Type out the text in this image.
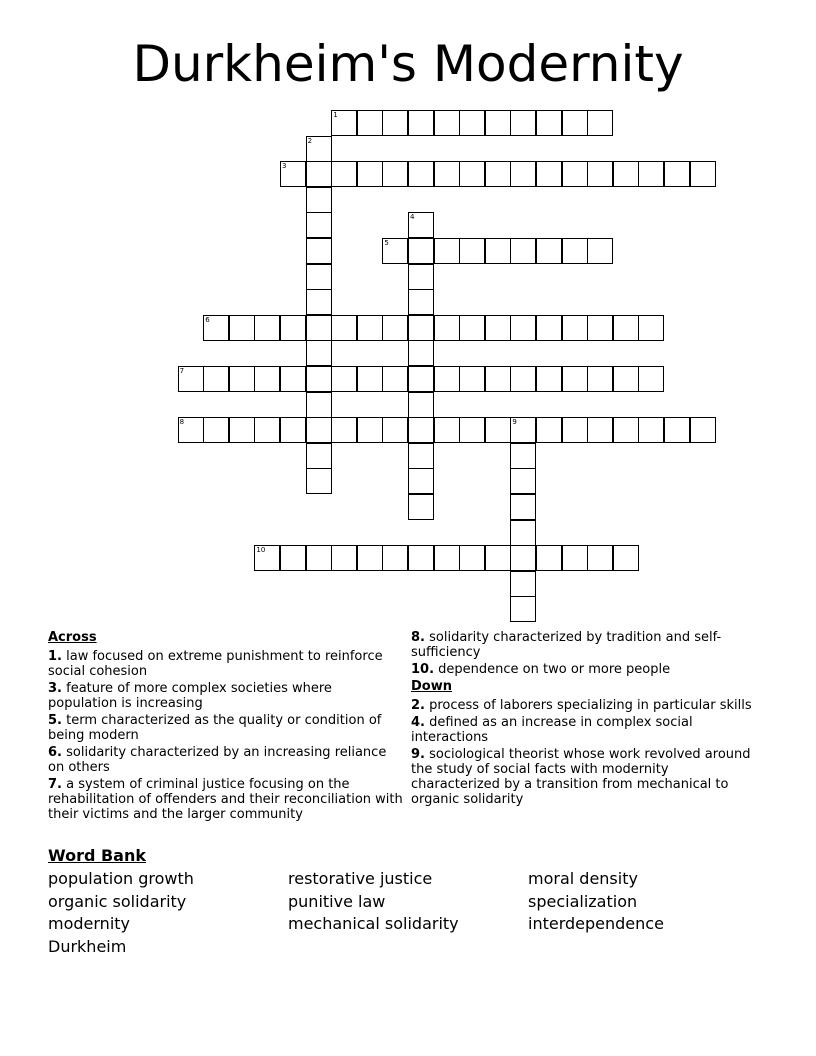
Durkheim's Modernity
1
2
3
4
5
6
7
8	9
10
Across
1. law focused on extreme punishment to reinforce social cohesion
3. feature of more complex societies where population is increasing
5. term characterized as the quality or condition of being modern
6. solidarity characterized by an increasing reliance on others
7. a system of criminal justice focusing on the rehabilitation of offenders and their reconciliation with their victims and the larger community
8. solidarity characterized by tradition and self-sufficiency
10. dependence on two or more people
Down
2. process of laborers specializing in particular skills
4. defined as an increase in complex social interactions
9. sociological theorist whose work revolved around the study of social facts with modernity characterized by a transition from mechanical to organic solidarity
Word Bank
population growth	restorative justice	moral density
organic solidarity	punitive law	specialization
modernity	mechanical solidarity	interdependence
Durkheim
